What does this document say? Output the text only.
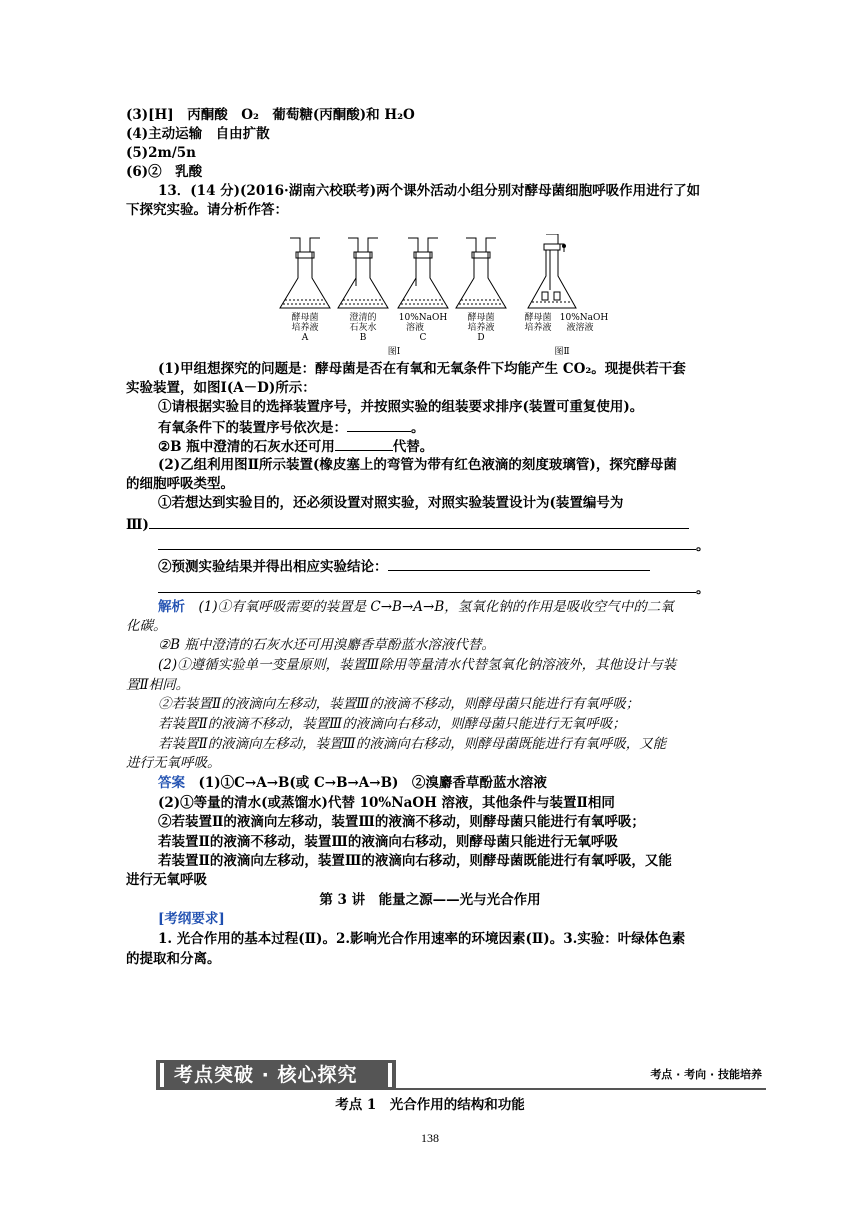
(3)[H]　丙酮酸　O₂　葡萄糖(丙酮酸)和 H₂O
(4)主动运输　自由扩散
(5)2m/5n
(6)②　乳酸
13．(14 分)(2016·湖南六校联考)两个课外活动小组分别对酵母菌细胞呼吸作用进行了如
下探究实验。请分析作答：
酵母菌
培养液
A
澄清的
石灰水
B
10%NaOH
溶液
C
酵母菌
培养液
D
酵母菌 10%NaOH
培养液 液溶液
图Ⅰ	图Ⅱ
(1)甲组想探究的问题是：酵母菌是否在有氧和无氧条件下均能产生 CO₂。现提供若干套
实验装置，如图Ⅰ(A－D)所示：
①请根据实验目的选择装置序号，并按照实验的组装要求排序(装置可重复使用)。
有氧条件下的装置序号依次是：	。
②B 瓶中澄清的石灰水还可用	代替。
(2)乙组利用图Ⅱ所示装置(橡皮塞上的弯管为带有红色液滴的刻度玻璃管)，探究酵母菌
的细胞呼吸类型。
①若想达到实验目的，还必须设置对照实验，对照实验装置设计为(装置编号为
Ⅲ)
。
②预测实验结果并得出相应实验结论：
。
解析　 (1)①有氧呼吸需要的装置是 C→B→A→B，氢氧化钠的作用是吸收空气中的二氧
化碳。
②B 瓶中澄清的石灰水还可用溴麝香草酚蓝水溶液代替。
(2)①遵循实验单一变量原则，装置Ⅲ除用等量清水代替氢氧化钠溶液外，其他设计与装
置Ⅱ相同。
②若装置Ⅱ的液滴向左移动，装置Ⅲ的液滴不移动，则酵母菌只能进行有氧呼吸；
若装置Ⅱ的液滴不移动，装置Ⅲ的液滴向右移动，则酵母菌只能进行无氧呼吸；
若装置Ⅱ的液滴向左移动，装置Ⅲ的液滴向右移动，则酵母菌既能进行有氧呼吸，又能
进行无氧呼吸。
答案　 (1)①C→A→B(或 C→B→A→B)　②溴麝香草酚蓝水溶液
(2)①等量的清水(或蒸馏水)代替 10%NaOH 溶液，其他条件与装置Ⅱ相同
②若装置Ⅱ的液滴向左移动，装置Ⅲ的液滴不移动，则酵母菌只能进行有氧呼吸；
若装置Ⅱ的液滴不移动，装置Ⅲ的液滴向右移动，则酵母菌只能进行无氧呼吸
若装置Ⅱ的液滴向左移动，装置Ⅲ的液滴向右移动，则酵母菌既能进行有氧呼吸，又能
进行无氧呼吸
第 3 讲　能量之源——光与光合作用
[考纲要求]
1. 光合作用的基本过程(Ⅱ)。2.影响光合作用速率的环境因素(Ⅱ)。3.实验：叶绿体色素
的提取和分离。
考点突破 · 核心探究	考点 · 考向 · 技能培养
考点 1　光合作用的结构和功能
138
